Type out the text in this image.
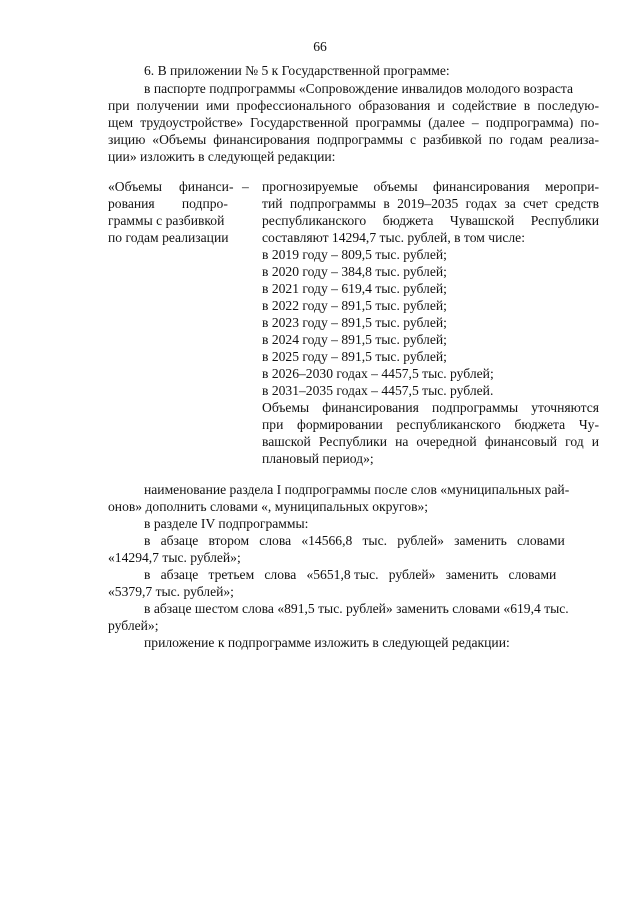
66
6. В приложении № 5 к Государственной программе:
в паспорте подпрограммы «Сопровождение инвалидов молодого возраста
при получении ими профессионального образования и содействие в последую-
щем трудоустройстве» Государственной программы (далее – подпрограмма) по-
зицию «Объемы финансирования подпрограммы с разбивкой по годам реализа-
ции» изложить в следующей редакции:
«Объемы     финанси-
рования        подпро-
граммы с разбивкой
по годам реализации
– прогнозируемые объемы финансирования меропри-
тий подпрограммы в 2019–2035 годах за счет средств
республиканского бюджета Чувашской Республики
составляют 14294,7 тыс. рублей, в том числе:
в 2019 году – 809,5 тыс. рублей;
в 2020 году – 384,8 тыс. рублей;
в 2021 году – 619,4 тыс. рублей;
в 2022 году – 891,5 тыс. рублей;
в 2023 году – 891,5 тыс. рублей;
в 2024 году – 891,5 тыс. рублей;
в 2025 году – 891,5 тыс. рублей;
в 2026–2030 годах – 4457,5 тыс. рублей;
в 2031–2035 годах – 4457,5 тыс. рублей.
Объемы финансирования подпрограммы уточняются
при формировании республиканского бюджета Чу-
вашской Республики на очередной финансовый год и
плановый период»;
наименование раздела I подпрограммы после слов «муниципальных рай-
онов» дополнить словами «, муниципальных округов»;
в разделе IV подпрограммы:
в   абзаце   втором   слова   «14566,8   тыс.   рублей»   заменить   словами
«14294,7 тыс. рублей»;
в   абзаце   третьем   слова   «5651,8 тыс.   рублей»   заменить   словами
«5379,7 тыс. рублей»;
в абзаце шестом слова «891,5 тыс. рублей» заменить словами «619,4 тыс.
рублей»;
приложение к подпрограмме изложить в следующей редакции:
